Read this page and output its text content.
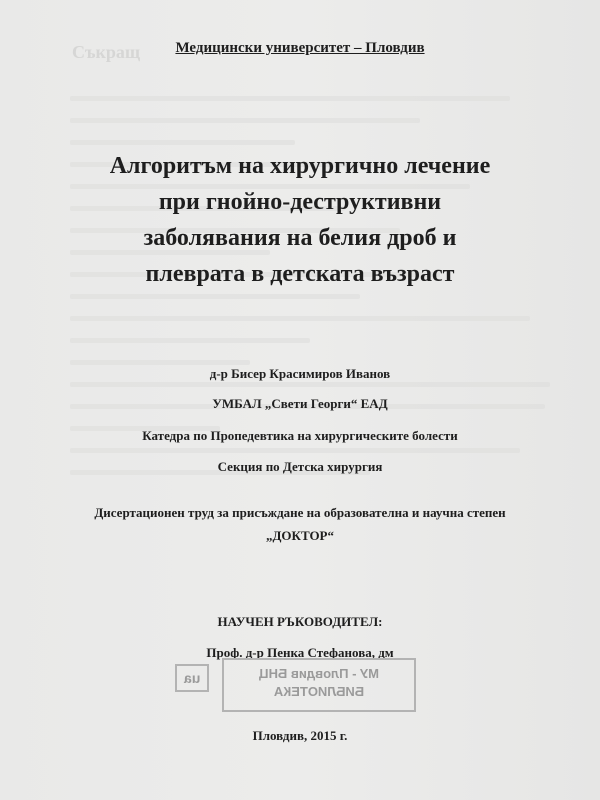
Съкращ	Медицински университет – Пловдив
Алгоритъм на хирургично лечение
при гнойно-деструктивни
заболявания на белия дроб и
плеврата в детската възраст
д-р Бисер Красимиров Иванов
УМБАЛ „Свети Георги“ ЕАД
Катедра по Пропедевтика на хирургическите болести
Секция по Детска хирургия
Дисертационен труд за присъждане на образователна и научна степен
„ДОКТОР“
НАУЧЕН РЪКОВОДИТЕЛ:
Проф. д-р Пенка Стефанова, дм
ua	МУ - Пловдив БНЦ
БИБЛИОТЕКА
Пловдив, 2015 г.
